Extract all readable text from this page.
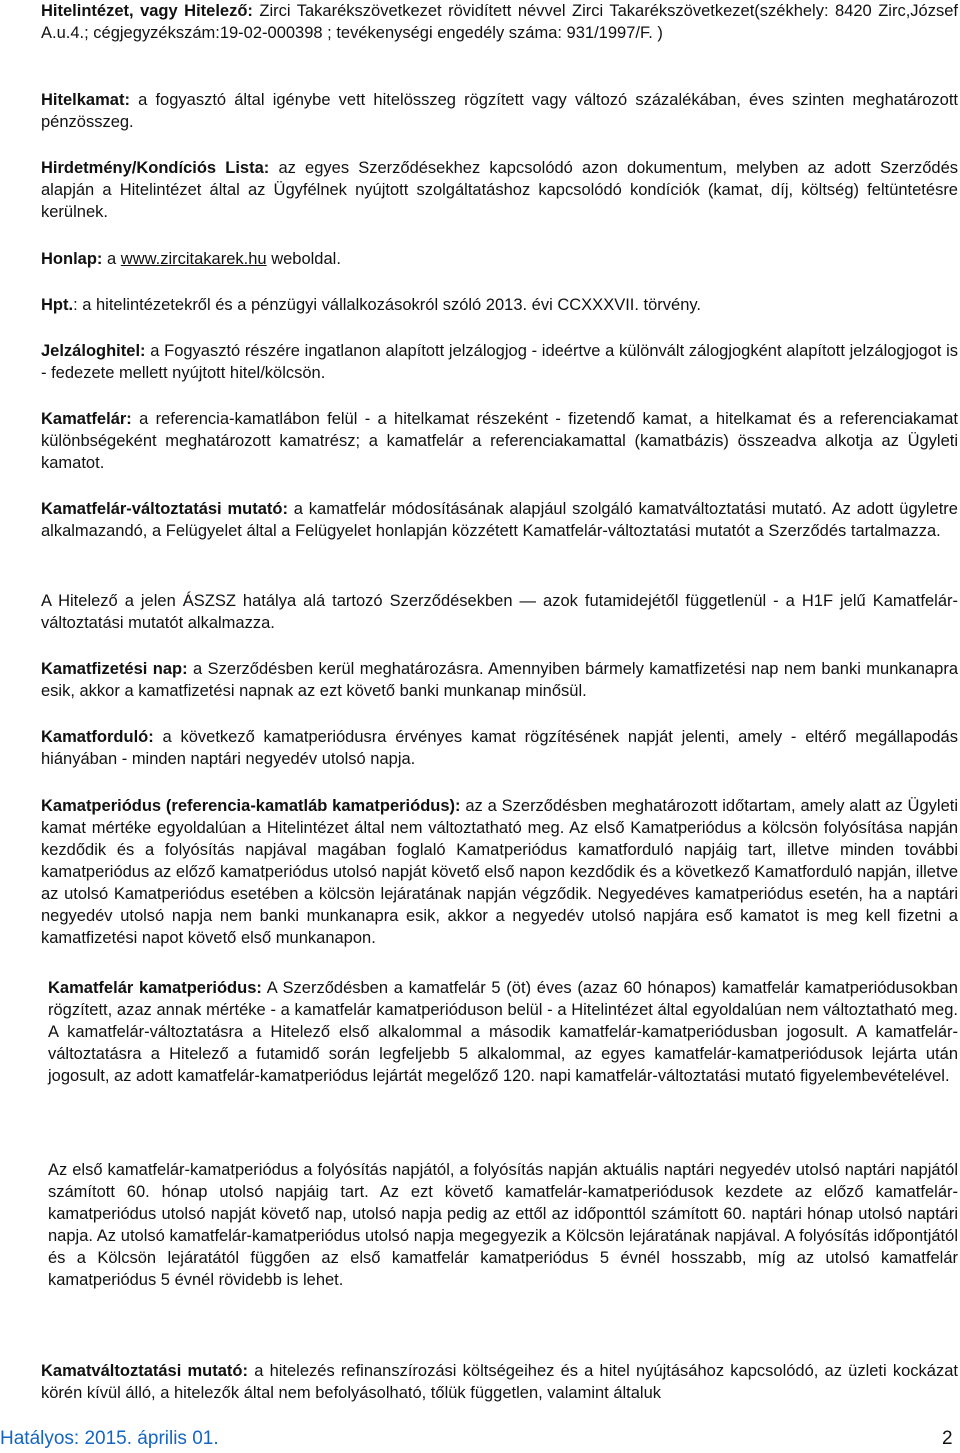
Hitelintézet, vagy Hitelező: Zirci Takarékszövetkezet rövidített névvel Zirci Takarékszövetkezet(székhely: 8420 Zirc,József A.u.4.; cégjegyzékszám:19-02-000398 ; tevékenységi engedély száma: 931/1997/F. )

Hitelkamat: a fogyasztó által igénybe vett hitelösszeg rögzített vagy változó százalékában, éves szinten meghatározott pénzösszeg.

Hirdetmény/Kondíciós Lista: az egyes Szerződésekhez kapcsolódó azon dokumentum, melyben az adott Szerződés alapján a Hitelintézet által az Ügyfélnek nyújtott szolgáltatáshoz kapcsolódó kondíciók (kamat, díj, költség) feltüntetésre kerülnek.

Honlap: a www.zircitakarek.hu weboldal.

Hpt.: a hitelintézetekről és a pénzügyi vállalkozásokról szóló 2013. évi CCXXXVII. törvény.

Jelzáloghitel: a Fogyasztó részére ingatlanon alapított jelzálogjog - ideértve a különvált zálogjogként alapított jelzálogjogot is - fedezete mellett nyújtott hitel/kölcsön.

Kamatfelár: a referencia-kamatlábon felül - a hitelkamat részeként - fizetendő kamat, a hitelkamat és a referenciakamat különbségeként meghatározott kamatrész; a kamatfelár a referenciakamattal (kamatbázis) összeadva alkotja az Ügyleti kamatot.

Kamatfelár-változtatási mutató: a kamatfelár módosításának alapjául szolgáló kamatváltoztatási mutató. Az adott ügyletre alkalmazandó, a Felügyelet által a Felügyelet honlapján közzétett Kamatfelár-változtatási mutatót a Szerződés tartalmazza.

A Hitelező a jelen ÁSZSZ hatálya alá tartozó Szerződésekben — azok futamidejétől függetlenül - a H1F jelű Kamatfelár-változtatási mutatót alkalmazza.

Kamatfizetési nap: a Szerződésben kerül meghatározásra. Amennyiben bármely kamatfizetési nap nem banki munkanapra esik, akkor a kamatfizetési napnak az ezt követő banki munkanap minősül.

Kamatforduló: a következő kamatperiódusra érvényes kamat rögzítésének napját jelenti, amely - eltérő megállapodás hiányában - minden naptári negyedév utolsó napja.

Kamatperiódus (referencia-kamatláb kamatperiódus): az a Szerződésben meghatározott időtartam, amely alatt az Ügyleti kamat mértéke egyoldalúan a Hitelintézet által nem változtatható meg. Az első Kamatperiódus a kölcsön folyósítása napján kezdődik és a folyósítás napjával magában foglaló Kamatperiódus kamatforduló napjáig tart, illetve minden további kamatperiódus az előző kamatperiódus utolsó napját követő első napon kezdődik és a következő Kamatforduló napján, illetve az utolsó Kamatperiódus esetében a kölcsön lejáratának napján végződik. Negyedéves kamatperiódus esetén, ha a naptári negyedév utolsó napja nem banki munkanapra esik, akkor a negyedév utolsó napjára eső kamatot is meg kell fizetni a kamatfizetési napot követő első munkanapon.

Kamatfelár kamatperiódus: A Szerződésben a kamatfelár 5 (öt) éves (azaz 60 hónapos) kamatfelár kamatperiódusokban rögzített, azaz annak mértéke - a kamatfelár kamatperióduson belül - a Hitelintézet által egyoldalúan nem változtatható meg. A kamatfelár-változtatásra a Hitelező első alkalommal a második kamatfelár-kamatperiódusban jogosult. A kamatfelár-változtatásra a Hitelező a futamidő során legfeljebb 5 alkalommal, az egyes kamatfelár-kamatperiódusok lejárta után jogosult, az adott kamatfelár-kamatperiódus lejártát megelőző 120. napi kamatfelár-változtatási mutató figyelembevételével.

Az első kamatfelár-kamatperiódus a folyósítás napjától, a folyósítás napján aktuális naptári negyedév utolsó naptári napjától számított 60. hónap utolsó napjáig tart. Az ezt követő kamatfelár-kamatperiódusok kezdete az előző kamatfelár-kamatperiódus utolsó napját követő nap, utolsó napja pedig az ettől az időponttól számított 60. naptári hónap utolsó naptári napja. Az utolsó kamatfelár-kamatperiódus utolsó napja megegyezik a Kölcsön lejáratának napjával. A folyósítás időpontjától és a Kölcsön lejáratától függően az első kamatfelár kamatperiódus 5 évnél hosszabb, míg az utolsó kamatfelár kamatperiódus 5 évnél rövidebb is lehet.

Kamatváltoztatási mutató: a hitelezés refinanszírozási költségeihez és a hitel nyújtásához kapcsolódó, az üzleti kockázat körén kívül álló, a hitelezők által nem befolyásolható, tőlük független, valamint általuk

Hatályos: 2015. április 01.	2
